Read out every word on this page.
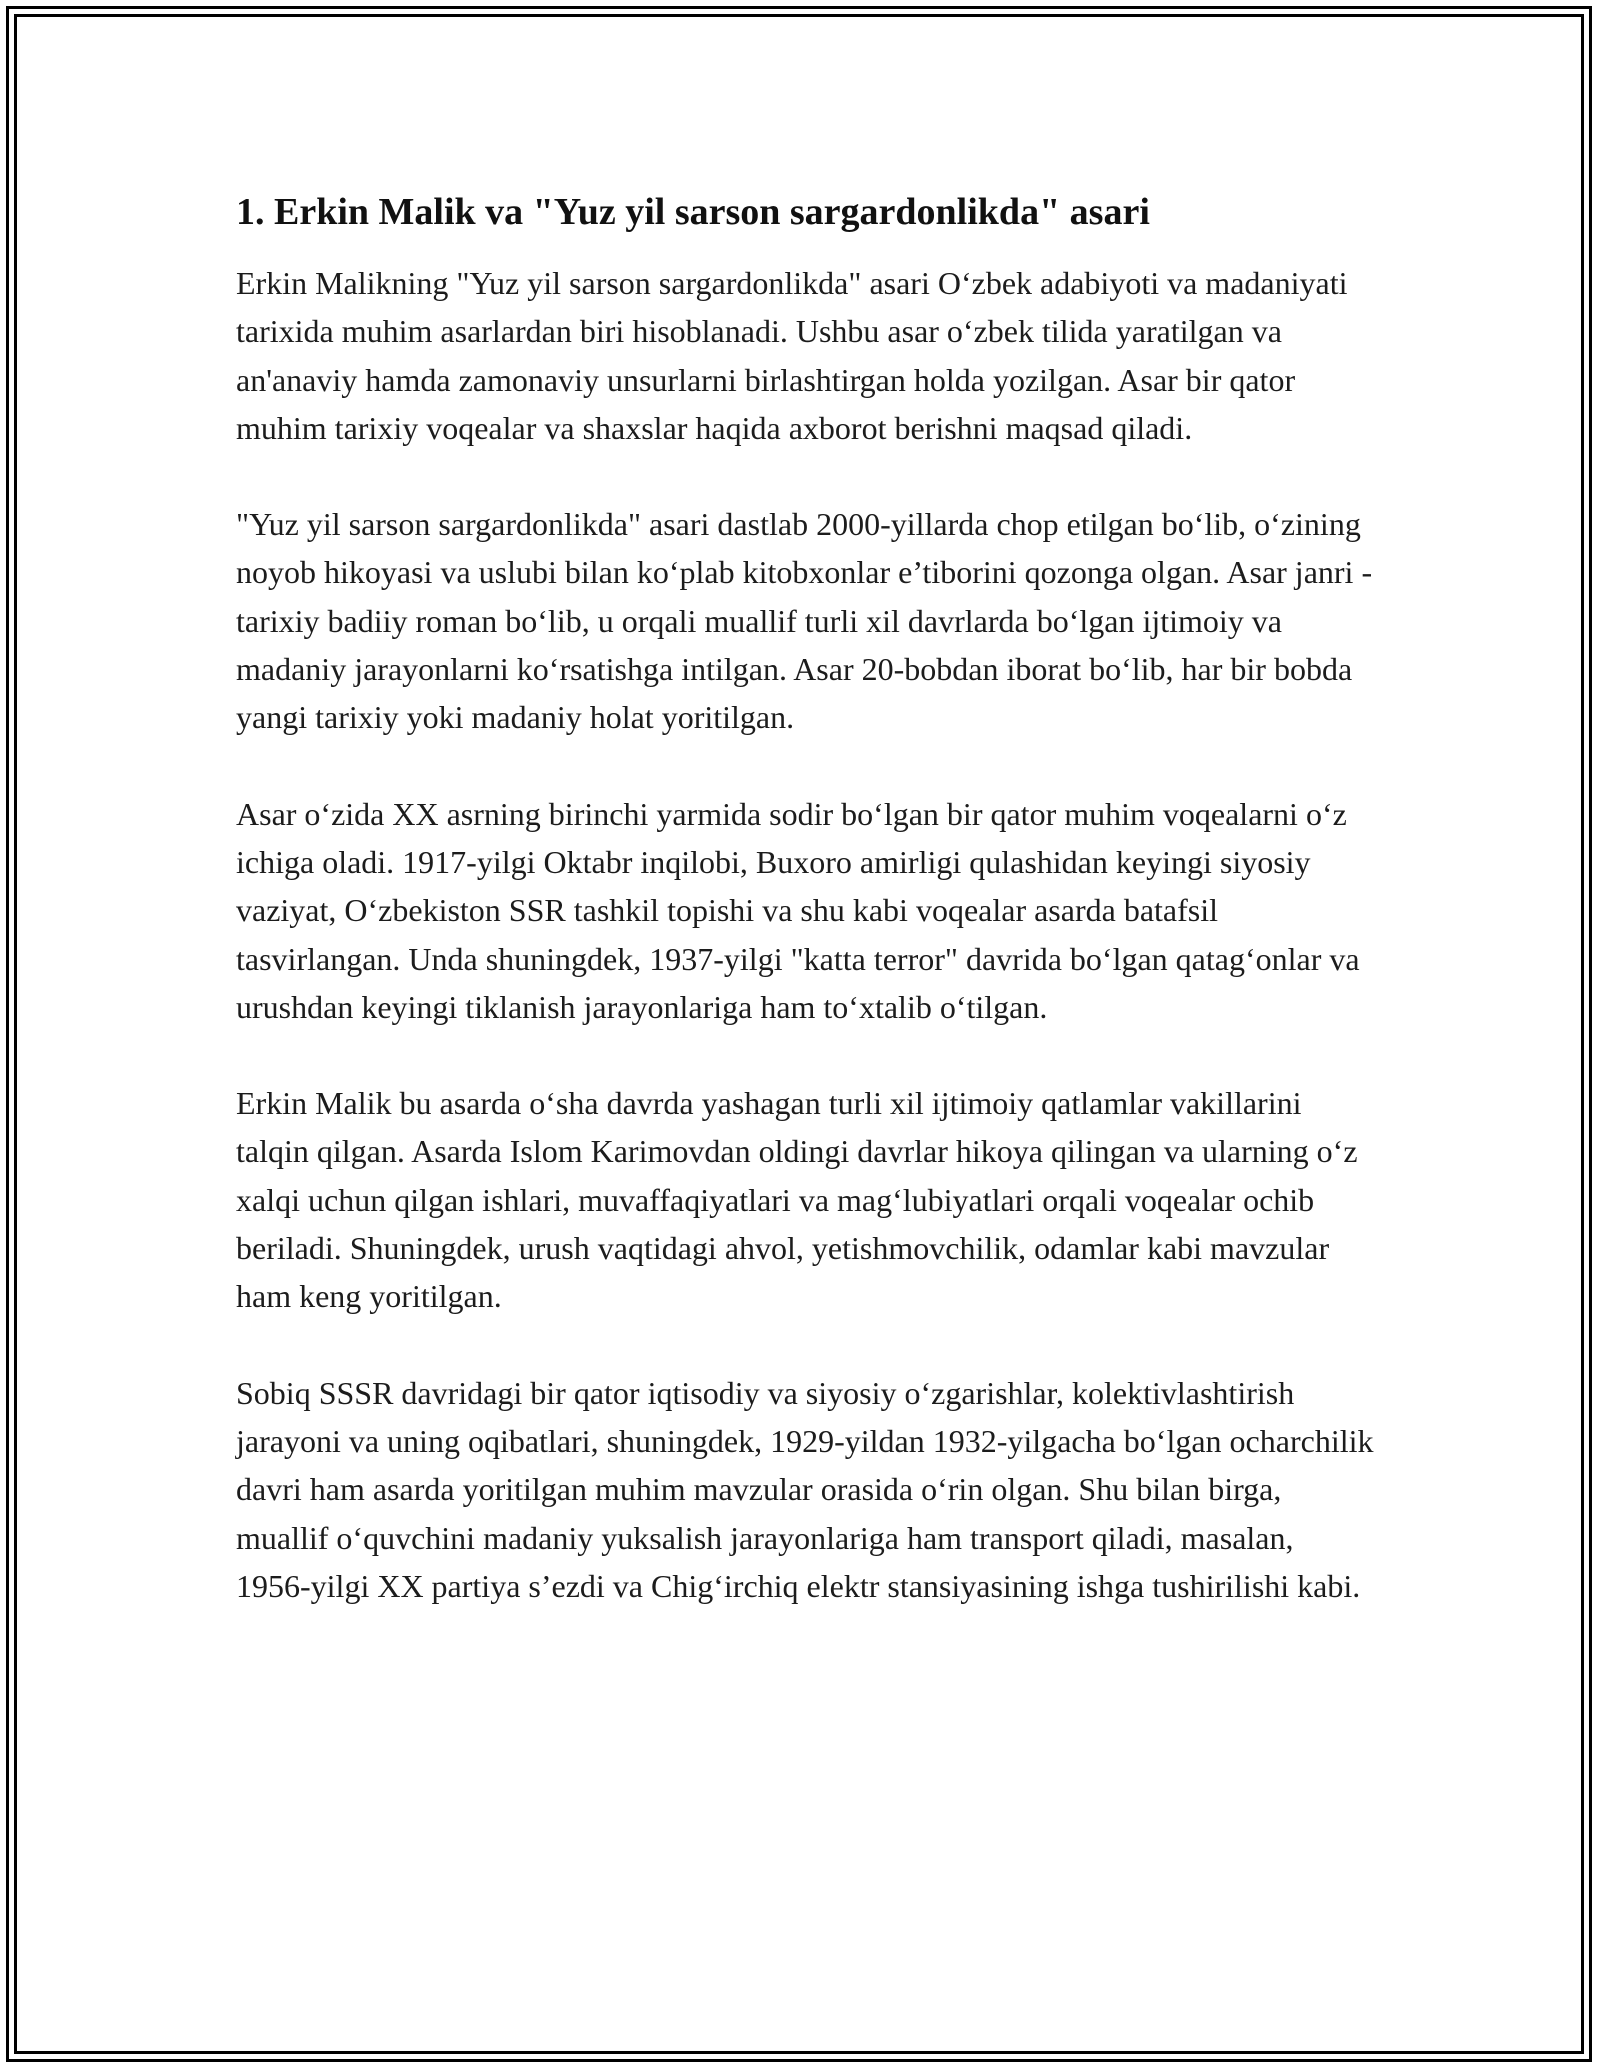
1. Erkin Malik va "Yuz yil sarson sargardonlikda" asari

Erkin Malikning "Yuz yil sarson sargardonlikda" asari O‘zbek adabiyoti va madaniyati tarixida muhim asarlardan biri hisoblanadi. Ushbu asar o‘zbek tilida yaratilgan va an'anaviy hamda zamonaviy unsurlarni birlashtirgan holda yozilgan. Asar bir qator muhim tarixiy voqealar va shaxslar haqida axborot berishni maqsad qiladi.

"Yuz yil sarson sargardonlikda" asari dastlab 2000-yillarda chop etilgan bo‘lib, o‘zining noyob hikoyasi va uslubi bilan ko‘plab kitobxonlar e’tiborini qozonga olgan. Asar janri - tarixiy badiiy roman bo‘lib, u orqali muallif turli xil davrlarda bo‘lgan ijtimoiy va madaniy jarayonlarni ko‘rsatishga intilgan. Asar 20-bobdan iborat bo‘lib, har bir bobda yangi tarixiy yoki madaniy holat yoritilgan.

Asar o‘zida XX asrning birinchi yarmida sodir bo‘lgan bir qator muhim voqealarni o‘z ichiga oladi. 1917-yilgi Oktabr inqilobi, Buxoro amirligi qulashidan keyingi siyosiy vaziyat, O‘zbekiston SSR tashkil topishi va shu kabi voqealar asarda batafsil tasvirlangan. Unda shuningdek, 1937-yilgi "katta terror" davrida bo‘lgan qatag‘onlar va urushdan keyingi tiklanish jarayonlariga ham to‘xtalib o‘tilgan.

Erkin Malik bu asarda o‘sha davrda yashagan turli xil ijtimoiy qatlamlar vakillarini talqin qilgan. Asarda Islom Karimovdan oldingi davrlar hikoya qilingan va ularning o‘z xalqi uchun qilgan ishlari, muvaffaqiyatlari va mag‘lubiyatlari orqali voqealar ochib beriladi. Shuningdek, urush vaqtidagi ahvol, yetishmovchilik, odamlar kabi mavzular ham keng yoritilgan.

Sobiq SSSR davridagi bir qator iqtisodiy va siyosiy o‘zgarishlar, kolektivlashtirish jarayoni va uning oqibatlari, shuningdek, 1929-yildan 1932-yilgacha bo‘lgan ocharchilik davri ham asarda yoritilgan muhim mavzular orasida o‘rin olgan. Shu bilan birga, muallif o‘quvchini madaniy yuksalish jarayonlariga ham transport qiladi, masalan, 1956-yilgi XX partiya s’ezdi va Chig‘irchiq elektr stansiyasining ishga tushirilishi kabi.
